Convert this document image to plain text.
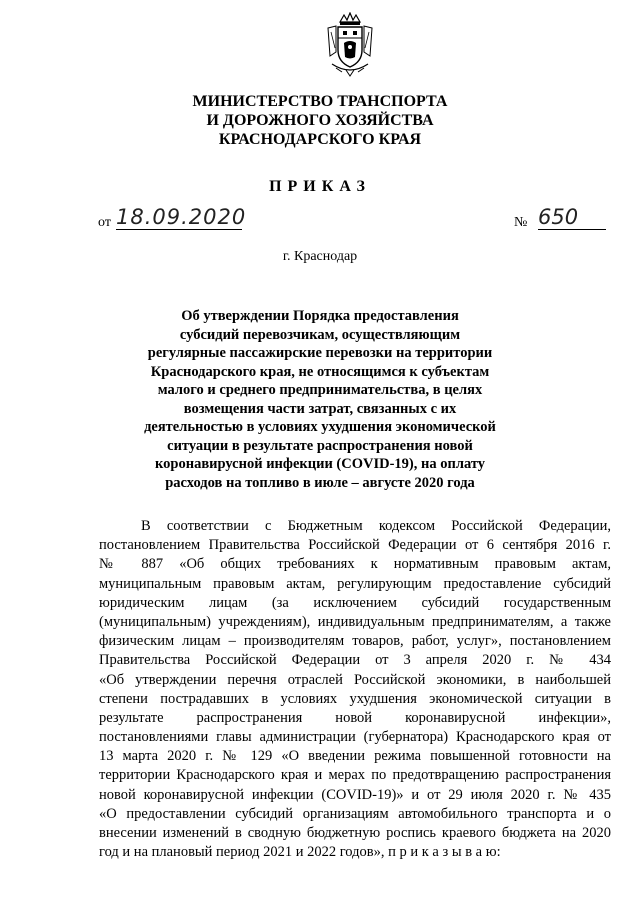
МИНИСТЕРСТВО ТРАНСПОРТА
И ДОРОЖНОГО ХОЗЯЙСТВА
КРАСНОДАРСКОГО КРАЯ
ПРИКАЗ
от 18.09.2020	№ 650
г. Краснодар
Об утверждении Порядка предоставления
субсидий перевозчикам, осуществляющим
регулярные пассажирские перевозки на территории
Краснодарского края, не относящимся к субъектам
малого и среднего предпринимательства, в целях
возмещения части затрат, связанных с их
деятельностью в условиях ухудшения экономической
ситуации в результате распространения новой
коронавирусной инфекции (COVID-19), на оплату
расходов на топливо в июле – августе 2020 года
В соответствии с Бюджетным кодексом Российской Федерации,
постановлением Правительства Российской Федерации от 6 сентября 2016 г.
№ 887 «Об общих требованиях к нормативным правовым актам,
муниципальным правовым актам, регулирующим предоставление субсидий
юридическим лицам (за исключением субсидий государственным
(муниципальным) учреждениям), индивидуальным предпринимателям, а также
физическим лицам – производителям товаров, работ, услуг», постановлением
Правительства Российской Федерации от 3 апреля 2020 г. № 434
«Об утверждении перечня отраслей Российской экономики, в наибольшей
степени пострадавших в условиях ухудшения экономической ситуации в
результате распространения новой коронавирусной инфекции»,
постановлениями главы администрации (губернатора) Краснодарского края от
13 марта 2020 г. № 129 «О введении режима повышенной готовности на
территории Краснодарского края и мерах по предотвращению распространения
новой коронавирусной инфекции (COVID-19)» и от 29 июля 2020 г. № 435
«О предоставлении субсидий организациям автомобильного транспорта и о
внесении изменений в сводную бюджетную роспись краевого бюджета на 2020
год и на плановый период 2021 и 2022 годов», п р и к а з ы в а ю:
